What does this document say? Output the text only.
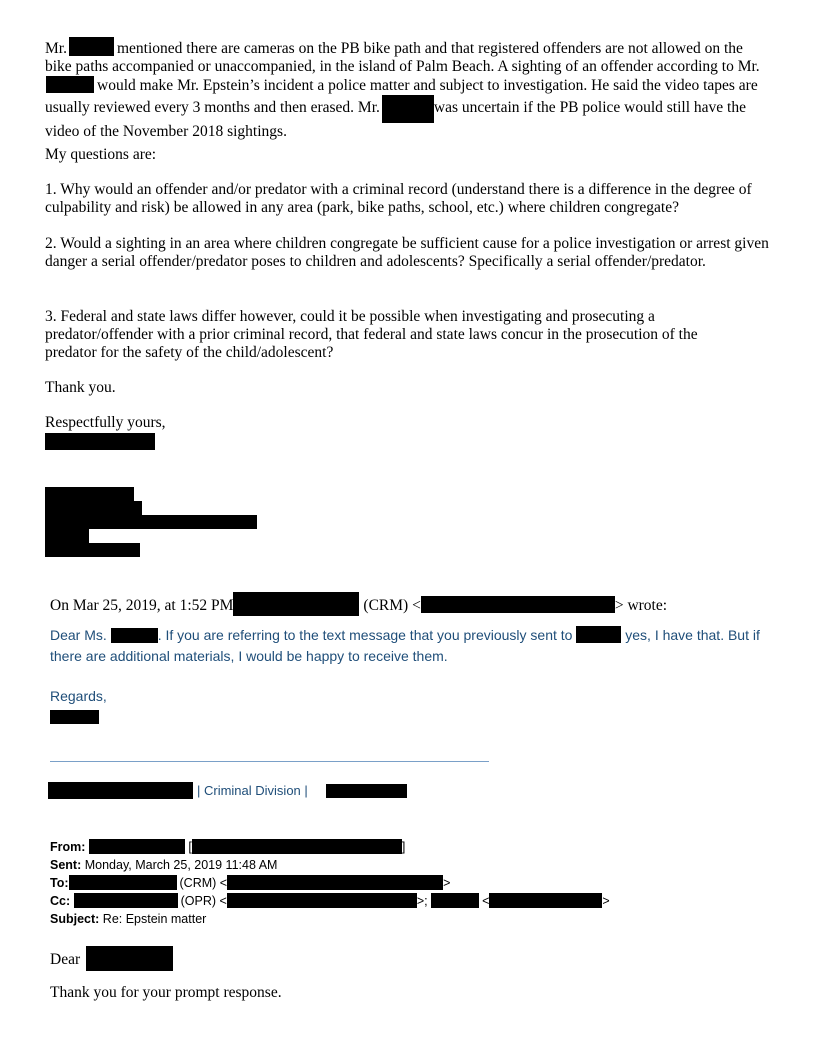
Mr.	mentioned there are cameras on the PB bike path and that registered offenders are not allowed on the bike paths accompanied or unaccompanied, in the island of Palm Beach. A sighting of an offender according to Mr.would make Mr. Epstein’s incident a police matter and subject to investigation. He said the video tapes are usually reviewed every 3 months and then erased. Mr.	was uncertain if the PB police would still have the video of the November 2018 sightings.
My questions are:
1. Why would an offender and/or predator with a criminal record (understand there is a difference in the degree of culpability and risk) be allowed in any area (park, bike paths, school, etc.) where children congregate?
2. Would a sighting in an area where children congregate be sufficient cause for a police investigation or arrest given danger a serial offender/predator poses to children and adolescents? Specifically a serial offender/predator.
3. Federal and state laws differ however, could it be possible when investigating and prosecuting a predator/offender with a prior criminal record, that federal and state laws concur in the prosecution of the predator for the safety of the child/adolescent?
Thank you.
Respectfully yours,
On Mar 25, 2019, at 1:52 PM	(CRM) <	> wrote:
Dear Ms.	. If you are referring to the text message that you previously sent to	yes, I have that. But if there are additional materials, I would be happy to receive them.
Regards,
| Criminal Division |
From:	[	]
Sent: Monday, March 25, 2019 11:48 AM
To:	(CRM) <	>
Cc:	(OPR) <	>;	<	>
Subject: Re: Epstein matter
Dear
Thank you for your prompt response.
